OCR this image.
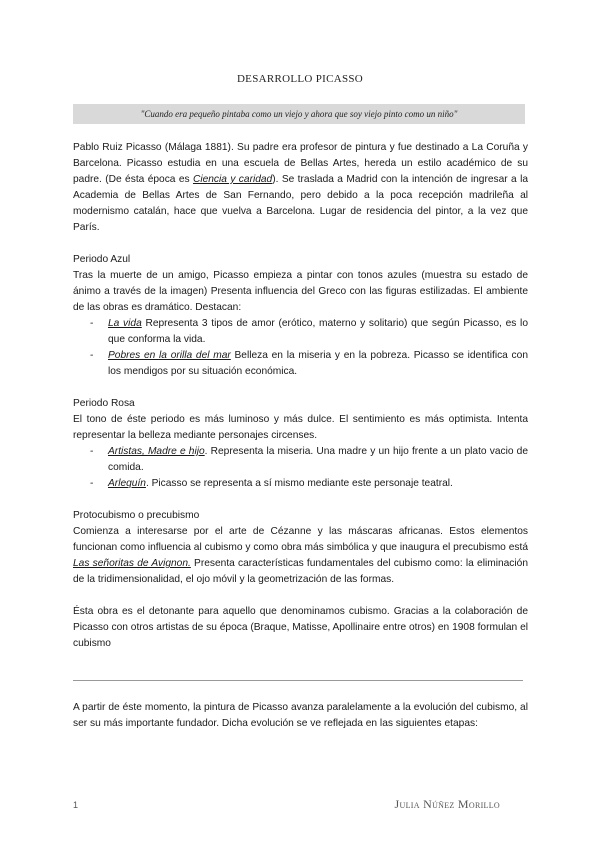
DESARROLLO PICASSO
"Cuando era pequeño pintaba como un viejo y ahora que soy viejo pinto como un niño"

Pablo Ruiz Picasso (Málaga 1881). Su padre era profesor de pintura y fue destinado a La Coruña y Barcelona. Picasso estudia en una escuela de Bellas Artes, hereda un estilo académico de su padre. (De ésta época es Ciencia y caridad). Se traslada a Madrid con la intención de ingresar a la Academia de Bellas Artes de San Fernando, pero debido a la poca recepción madrileña al modernismo catalán, hace que vuelva a Barcelona. Lugar de residencia del pintor, a la vez que París.

Periodo Azul

Tras la muerte de un amigo, Picasso empieza a pintar con tonos azules (muestra su estado de ánimo a través de la imagen) Presenta influencia del Greco con las figuras estilizadas. El ambiente de las obras es dramático. Destacan:

- La vida Representa 3 tipos de amor (erótico, materno y solitario) que según Picasso, es lo que conforma la vida.
- Pobres en la orilla del mar Belleza en la miseria y en la pobreza. Picasso se identifica con los mendigos por su situación económica.

Periodo Rosa

El tono de éste periodo es más luminoso y más dulce. El sentimiento es más optimista. Intenta representar la belleza mediante personajes circenses.

- Artistas, Madre e hijo. Representa la miseria. Una madre y un hijo frente a un plato vacio de comida.
- Arlequín. Picasso se representa a sí mismo mediante este personaje teatral.

Protocubismo o precubismo

Comienza a interesarse por el arte de Cézanne y las máscaras africanas. Estos elementos funcionan como influencia al cubismo y como obra más simbólica y que inaugura el precubismo está Las señoritas de Avignon. Presenta características fundamentales del cubismo como: la eliminación de la tridimensionalidad, el ojo móvil y la geometrización de las formas.

Ésta obra es el detonante para aquello que denominamos cubismo. Gracias a la colaboración de Picasso con otros artistas de su época (Braque, Matisse, Apollinaire entre otros) en 1908 formulan el cubismo

A partir de éste momento, la pintura de Picasso avanza paralelamente a la evolución del cubismo, al ser su más importante fundador. Dicha evolución se ve reflejada en las siguientes etapas:

1	Julia Núñez Morillo
